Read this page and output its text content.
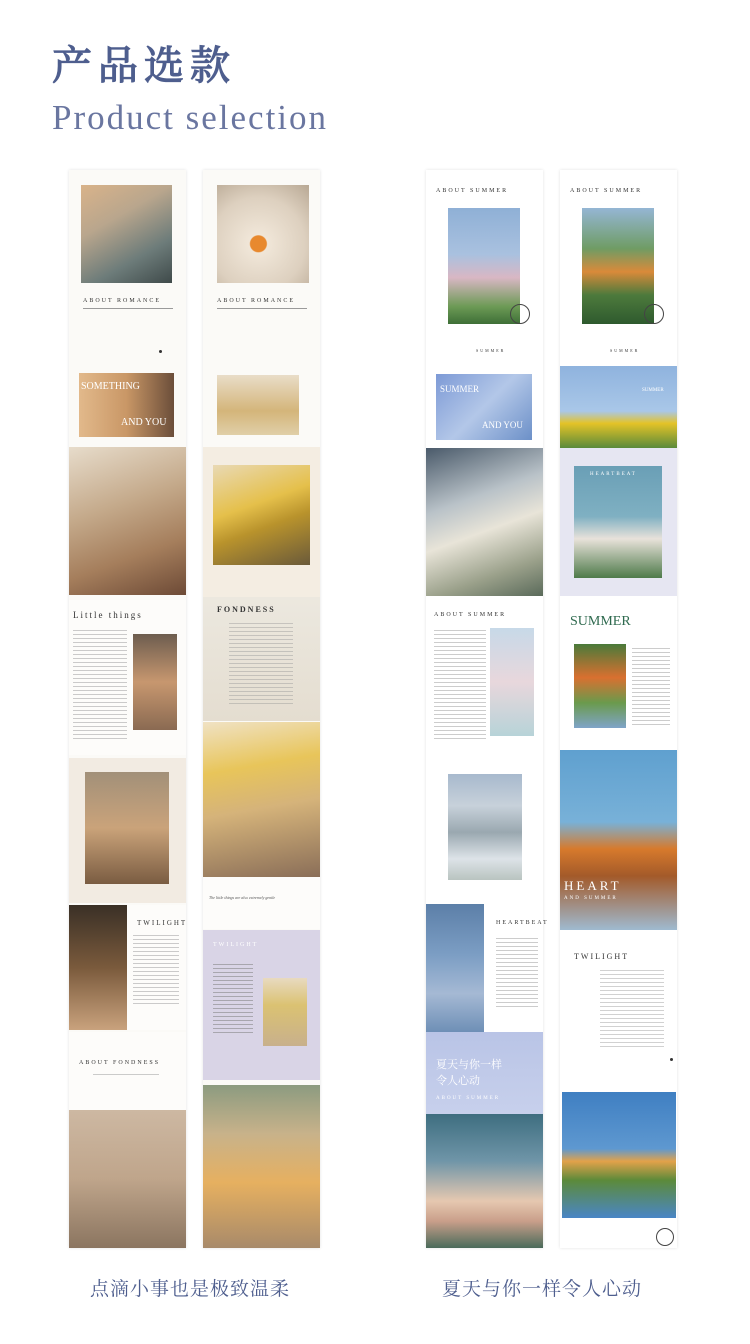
产品选款
Product selection
ABOUT ROMANCE
SOMETHING
AND YOU
Little things
TWILIGHT
ABOUT FONDNESS
ABOUT ROMANCE
FONDNESS
The little things are also extremely gentle
TWILIGHT
ABOUT SUMMER
SUMMER
SUMMER
AND YOU
ABOUT SUMMER
HEARTBEAT
夏天与你一样
令人心动
ABOUT SUMMER
ABOUT SUMMER
SUMMER
SUMMER
HEARTBEAT
SUMMER
HEART
AND SUMMER
TWILIGHT
点滴小事也是极致温柔	夏天与你一样令人心动
